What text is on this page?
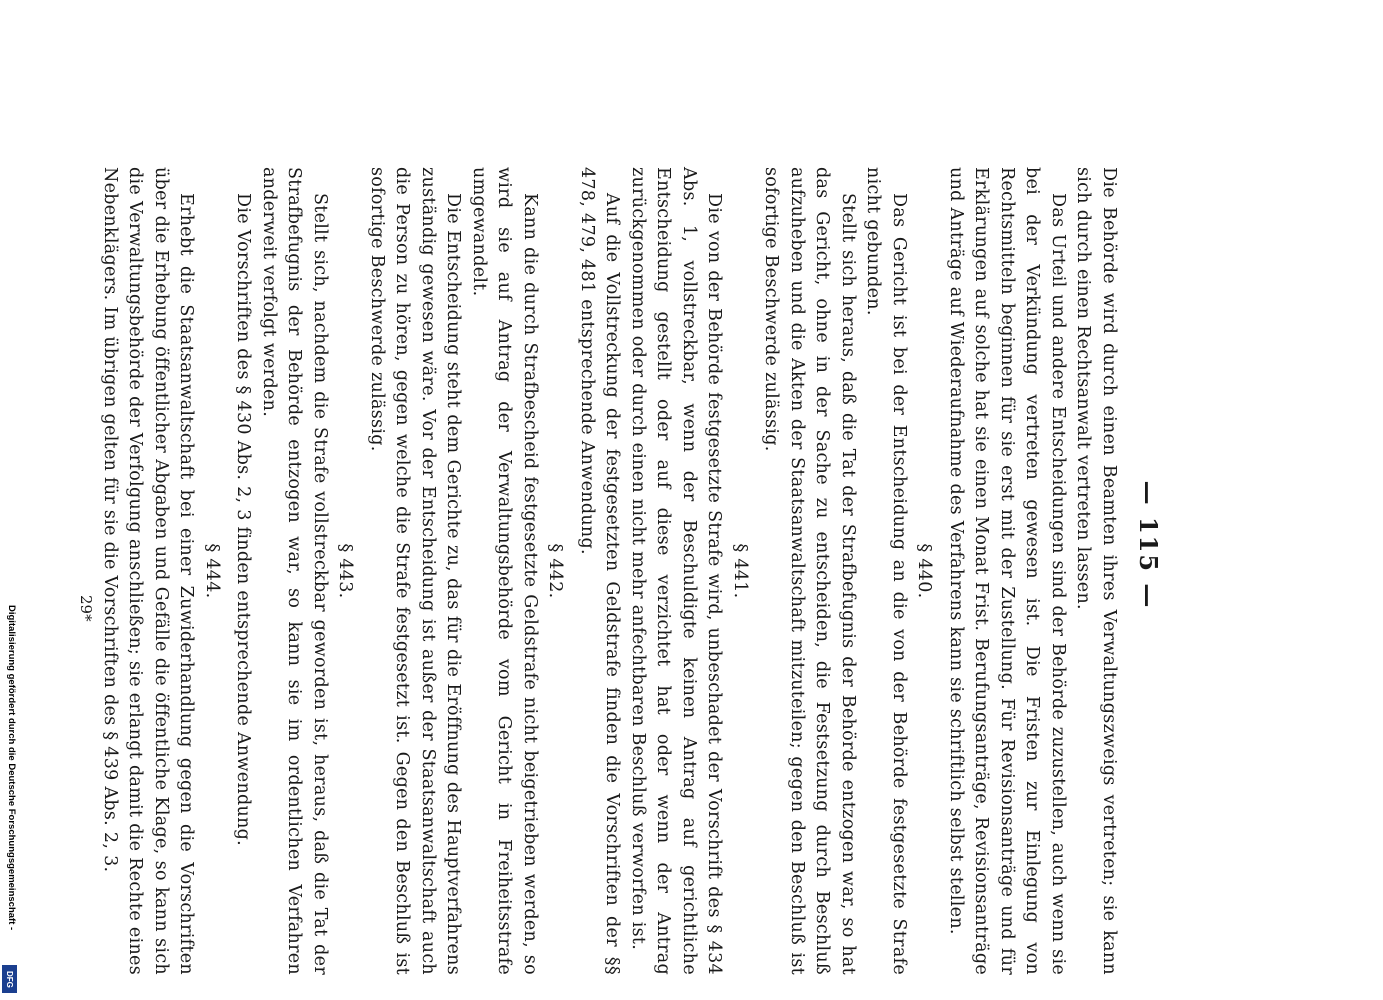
Digitalisierung gefördert durch die Deutsche Forschungsgemeinschaft -
DFG
— 115 —

Die Behörde wird durch einen Beamten ihres Verwaltungszweigs vertreten; sie kann sich durch einen Rechtsanwalt vertreten lassen.

Das Urteil und andere Entscheidungen sind der Behörde zuzustellen, auch wenn sie bei der Verkündung vertreten gewesen ist. Die Fristen zur Einlegung von Rechtsmitteln beginnen für sie erst mit der Zustellung. Für Revisionsanträge und für Erklärungen auf solche hat sie einen Monat Frist. Berufungsanträge, Revisionsanträge und Anträge auf Wiederaufnahme des Verfahrens kann sie schriftlich selbst stellen.

§ 440.

Das Gericht ist bei der Entscheidung an die von der Behörde festgesetzte Strafe nicht gebunden.

Stellt sich heraus, daß die Tat der Strafbefugnis der Behörde entzogen war, so hat das Gericht, ohne in der Sache zu entscheiden, die Festsetzung durch Beschluß aufzuheben und die Akten der Staatsanwaltschaft mitzuteilen; gegen den Beschluß ist sofortige Beschwerde zulässig.

§ 441.

Die von der Behörde festgesetzte Strafe wird, unbeschadet der Vorschrift des § 434 Abs. 1, vollstreckbar, wenn der Beschuldigte keinen Antrag auf gerichtliche Entscheidung gestellt oder auf diese verzichtet hat oder wenn der Antrag zurückgenommen oder durch einen nicht mehr anfechtbaren Beschluß verworfen ist.

Auf die Vollstreckung der festgesetzten Geldstrafe finden die Vorschriften der §§ 478, 479, 481 entsprechende Anwendung.

§ 442.

Kann die durch Strafbescheid festgesetzte Geldstrafe nicht beigetrieben werden, so wird sie auf Antrag der Verwaltungsbehörde vom Gericht in Freiheitsstrafe umgewandelt.

Die Entscheidung steht dem Gerichte zu, das für die Eröffnung des Hauptverfahrens zuständig gewesen wäre. Vor der Entscheidung ist außer der Staatsanwaltschaft auch die Person zu hören, gegen welche die Strafe festgesetzt ist. Gegen den Beschluß ist sofortige Beschwerde zulässig.

§ 443.

Stellt sich, nachdem die Strafe vollstreckbar geworden ist, heraus, daß die Tat der Strafbefugnis der Behörde entzogen war, so kann sie im ordentlichen Verfahren anderweit verfolgt werden.

Die Vorschriften des § 430 Abs. 2, 3 finden entsprechende Anwendung.

§ 444.

Erhebt die Staatsanwaltschaft bei einer Zuwiderhandlung gegen die Vorschriften über die Erhebung öffentlicher Abgaben und Gefälle die öffentliche Klage, so kann sich die Verwaltungsbehörde der Verfolgung anschließen; sie erlangt damit die Rechte eines Nebenklägers. Im übrigen gelten für sie die Vorschriften des § 439 Abs. 2, 3.

29*
